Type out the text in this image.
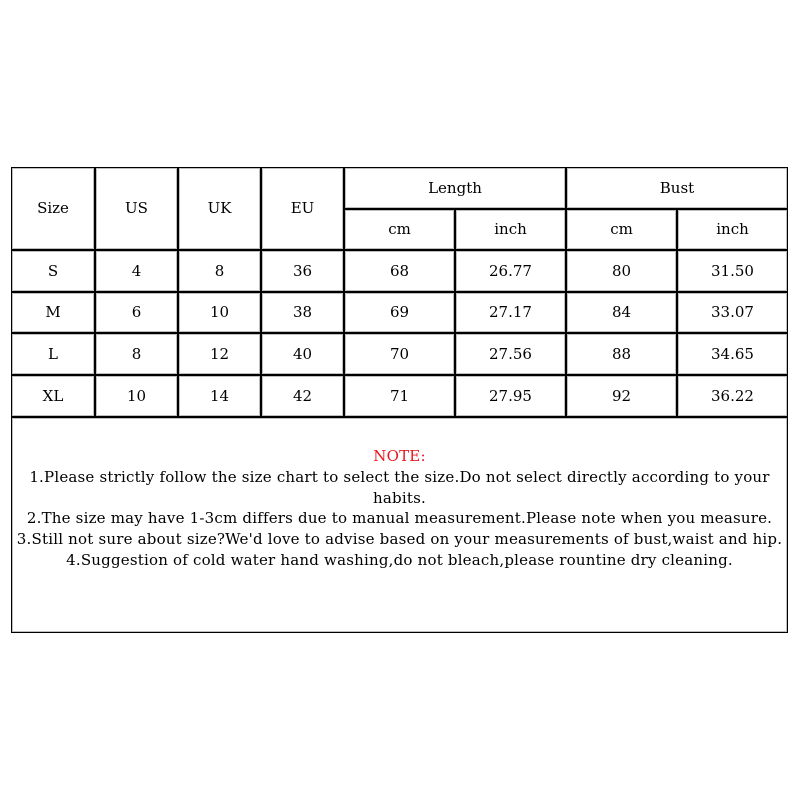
Size	US	UK	EU
Length	Bust
cm	inch	cm	inch
S	4	8	36	68	26.77	80	31.50
M	6	10	38	69	27.17	84	33.07
L	8	12	40	70	27.56	88	34.65
XL	10	14	42	71	27.95	92	36.22
NOTE:
1.Please strictly follow the size chart to select the size.Do not select directly according to your habits.
2.The size may have 1-3cm differs due to manual measurement.Please note when you measure.
3.Still not sure about size?We'd love to advise based on your measurements of bust,waist and hip.
4.Suggestion of cold water hand washing,do not bleach,please rountine dry cleaning.
